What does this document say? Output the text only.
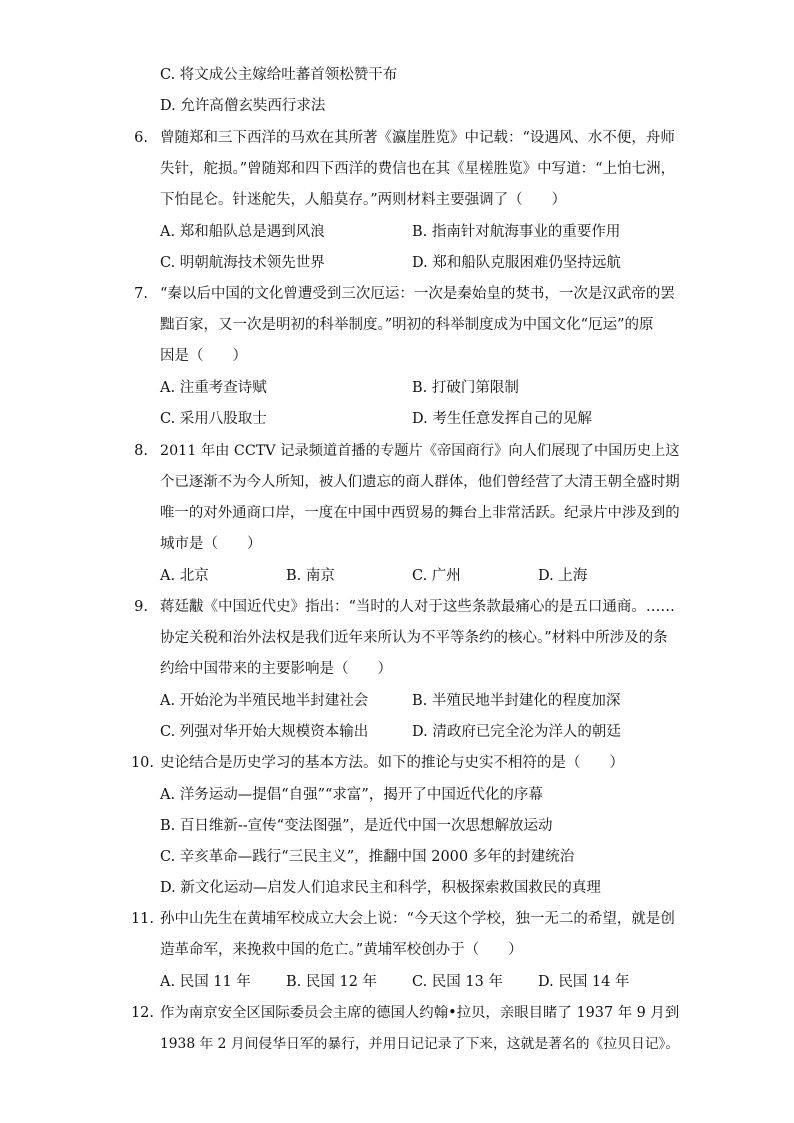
C. 将文成公主嫁给吐蕃首领松赞干布
D. 允许高僧玄奘西行求法
6. 曾随郑和三下西洋的马欢在其所著《瀛崖胜览》中记载：“设遇风、水不便，舟师
失针，舵损。”曾随郑和四下西洋的费信也在其《星槎胜览》中写道：“上怕七洲，
下怕昆仑。针迷舵失，人船莫存。”两则材料主要强调了（　　）
A. 郑和船队总是遇到风浪	B. 指南针对航海事业的重要作用
C. 明朝航海技术领先世界	D. 郑和船队克服困难仍坚持远航
7. “秦以后中国的文化曾遭受到三次厄运：一次是秦始皇的焚书，一次是汉武帝的罢
黜百家，又一次是明初的科举制度。”明初的科举制度成为中国文化“厄运”的原
因是（　　）
A. 注重考查诗赋	B. 打破门第限制
C. 采用八股取士	D. 考生任意发挥自己的见解
8. 2011 年由 CCTV 记录频道首播的专题片《帝国商行》向人们展现了中国历史上这
个已逐渐不为今人所知，被人们遗忘的商人群体，他们曾经营了大清王朝全盛时期
唯一的对外通商口岸，一度在中国中西贸易的舞台上非常活跃。纪录片中涉及到的
城市是（　　）
A. 北京	B. 南京	C. 广州	D. 上海
9. 蒋廷黻《中国近代史》指出：“当时的人对于这些条款最痛心的是五口通商。……
协定关税和治外法权是我们近年来所认为不平等条约的核心。”材料中所涉及的条
约给中国带来的主要影响是（　　）
A. 开始沦为半殖民地半封建社会	B. 半殖民地半封建化的程度加深
C. 列强对华开始大规模资本输出	D. 清政府已完全沦为洋人的朝廷
10. 史论结合是历史学习的基本方法。如下的推论与史实不相符的是（　　）
A. 洋务运动—提倡“自强”“求富”，揭开了中国近代化的序幕
B. 百日维新--宣传“变法图强”，是近代中国一次思想解放运动
C. 辛亥革命—践行“三民主义”，推翻中国 2000 多年的封建统治
D. 新文化运动—启发人们追求民主和科学，积极探索救国救民的真理
11. 孙中山先生在黄埔军校成立大会上说：“今天这个学校，独一无二的希望，就是创
造革命军，来挽救中国的危亡。”黄埔军校创办于（　　）
A. 民国 11 年 B. 民国 12 年 C. 民国 13 年 D. 民国 14 年
12. 作为南京安全区国际委员会主席的德国人约翰•拉贝，亲眼目睹了 1937 年 9 月到
1938 年 2 月间侵华日军的暴行，并用日记记录了下来，这就是著名的《拉贝日记》。
